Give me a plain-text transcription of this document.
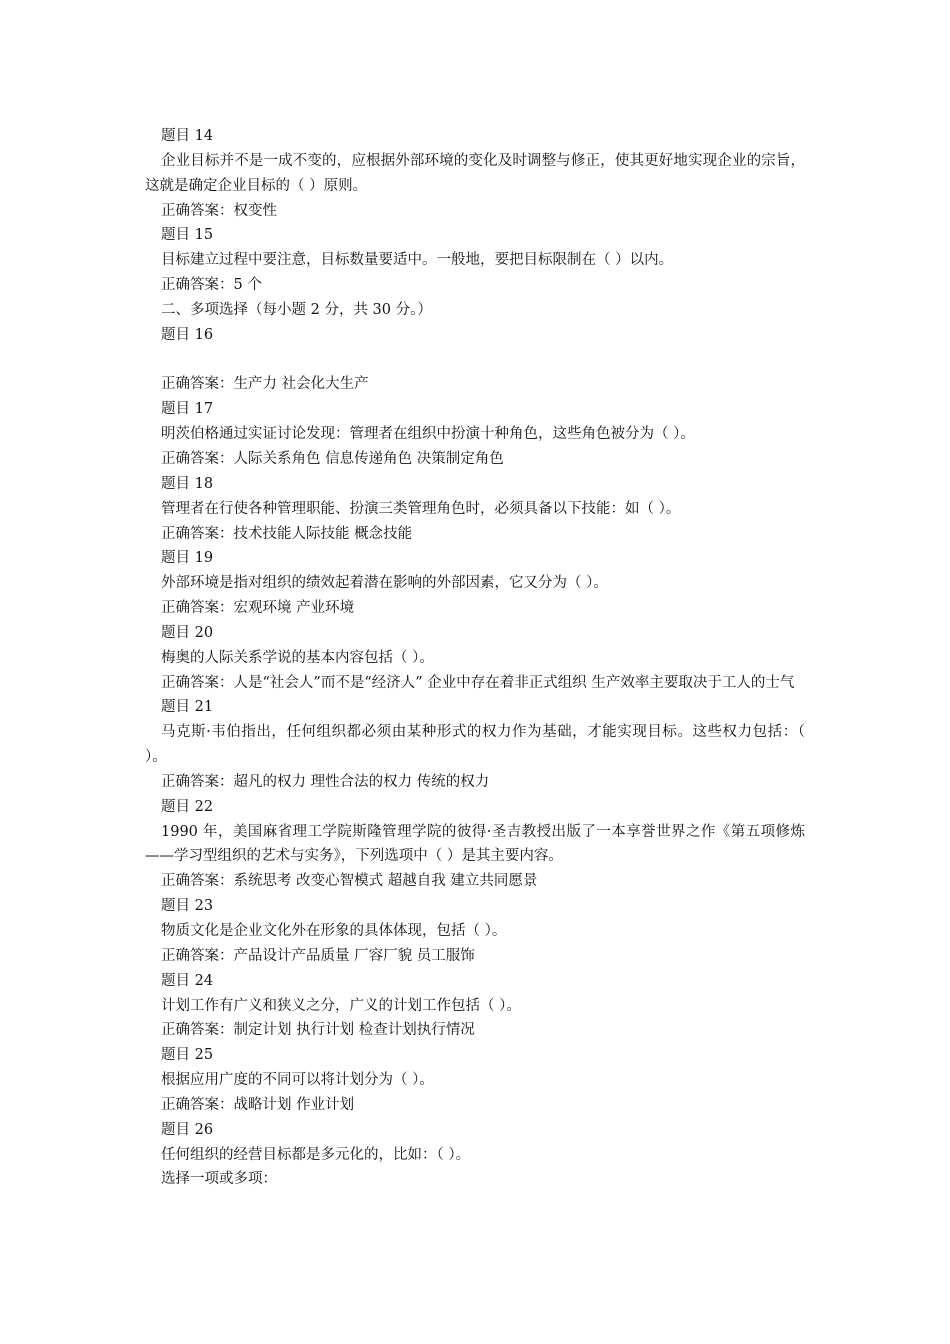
题目 14
企业目标并不是一成不变的，应根据外部环境的变化及时调整与修正，使其更好地实现企业的宗旨，这就是确定企业目标的（ ）原则。
正确答案：权变性
题目 15
目标建立过程中要注意，目标数量要适中。一般地，要把目标限制在（ ）以内。
正确答案：5 个
二、多项选择（每小题 2 分，共 30 分。）
题目 16
正确答案：生产力 社会化大生产
题目 17
明茨伯格通过实证讨论发现：管理者在组织中扮演十种角色，这些角色被分为（ ）。
正确答案：人际关系角色 信息传递角色 决策制定角色
题目 18
管理者在行使各种管理职能、扮演三类管理角色时，必须具备以下技能：如（ ）。
正确答案：技术技能人际技能 概念技能
题目 19
外部环境是指对组织的绩效起着潜在影响的外部因素，它又分为（ ）。
正确答案：宏观环境 产业环境
题目 20
梅奥的人际关系学说的基本内容包括（ ）。
正确答案：人是“社会人”而不是“经济人” 企业中存在着非正式组织 生产效率主要取决于工人的士气
题目 21
马克斯·韦伯指出，任何组织都必须由某种形式的权力作为基础，才能实现目标。这些权力包括：（ ）。
正确答案：超凡的权力 理性合法的权力 传统的权力
题目 22
1990 年，美国麻省理工学院斯隆管理学院的彼得·圣吉教授出版了一本享誉世界之作《第五项修炼——学习型组织的艺术与实务》，下列选项中（ ）是其主要内容。
正确答案：系统思考 改变心智模式 超越自我 建立共同愿景
题目 23
物质文化是企业文化外在形象的具体体现，包括（ ）。
正确答案：产品设计产品质量 厂容厂貌 员工服饰
题目 24
计划工作有广义和狭义之分，广义的计划工作包括（ ）。
正确答案：制定计划 执行计划 检查计划执行情况
题目 25
根据应用广度的不同可以将计划分为（ ）。
正确答案：战略计划 作业计划
题目 26
任何组织的经营目标都是多元化的，比如：（ ）。
选择一项或多项：
